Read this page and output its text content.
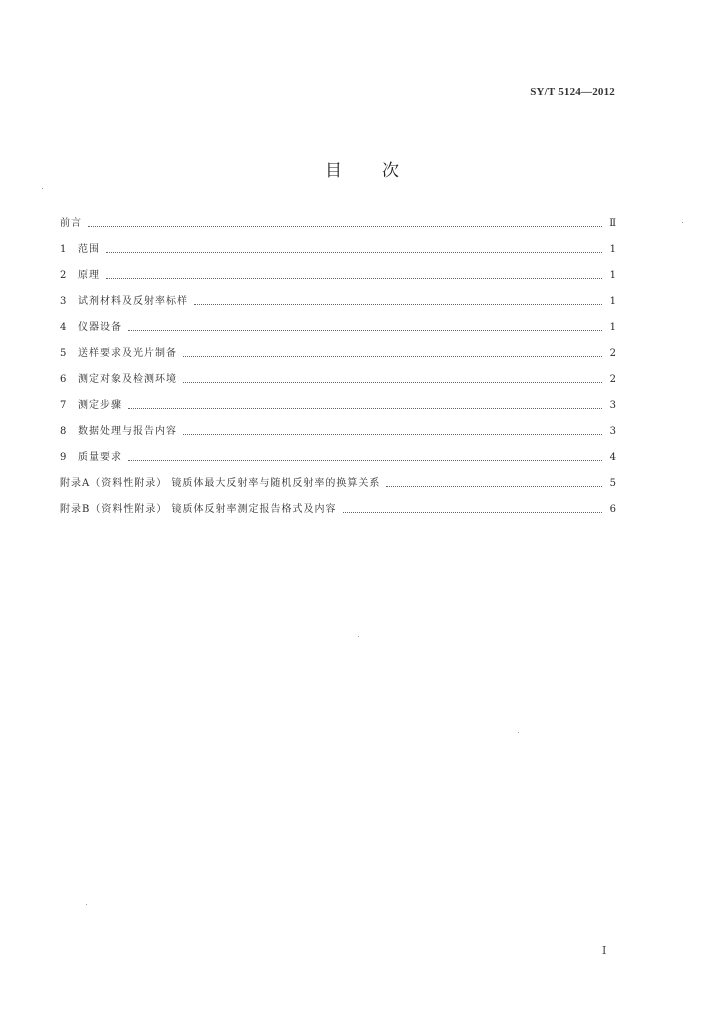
SY/T 5124—2012
目 次
前言	Ⅱ
1	范围	1
2	原理	1
3	试剂材料及反射率标样	1
4	仪器设备	1
5	送样要求及光片制备	2
6	测定对象及检测环境	2
7	测定步骤	3
8	数据处理与报告内容	3
9	质量要求	4
附录A（资料性附录） 镜质体最大反射率与随机反射率的换算关系	5
附录B（资料性附录） 镜质体反射率测定报告格式及内容	6
Ⅰ
